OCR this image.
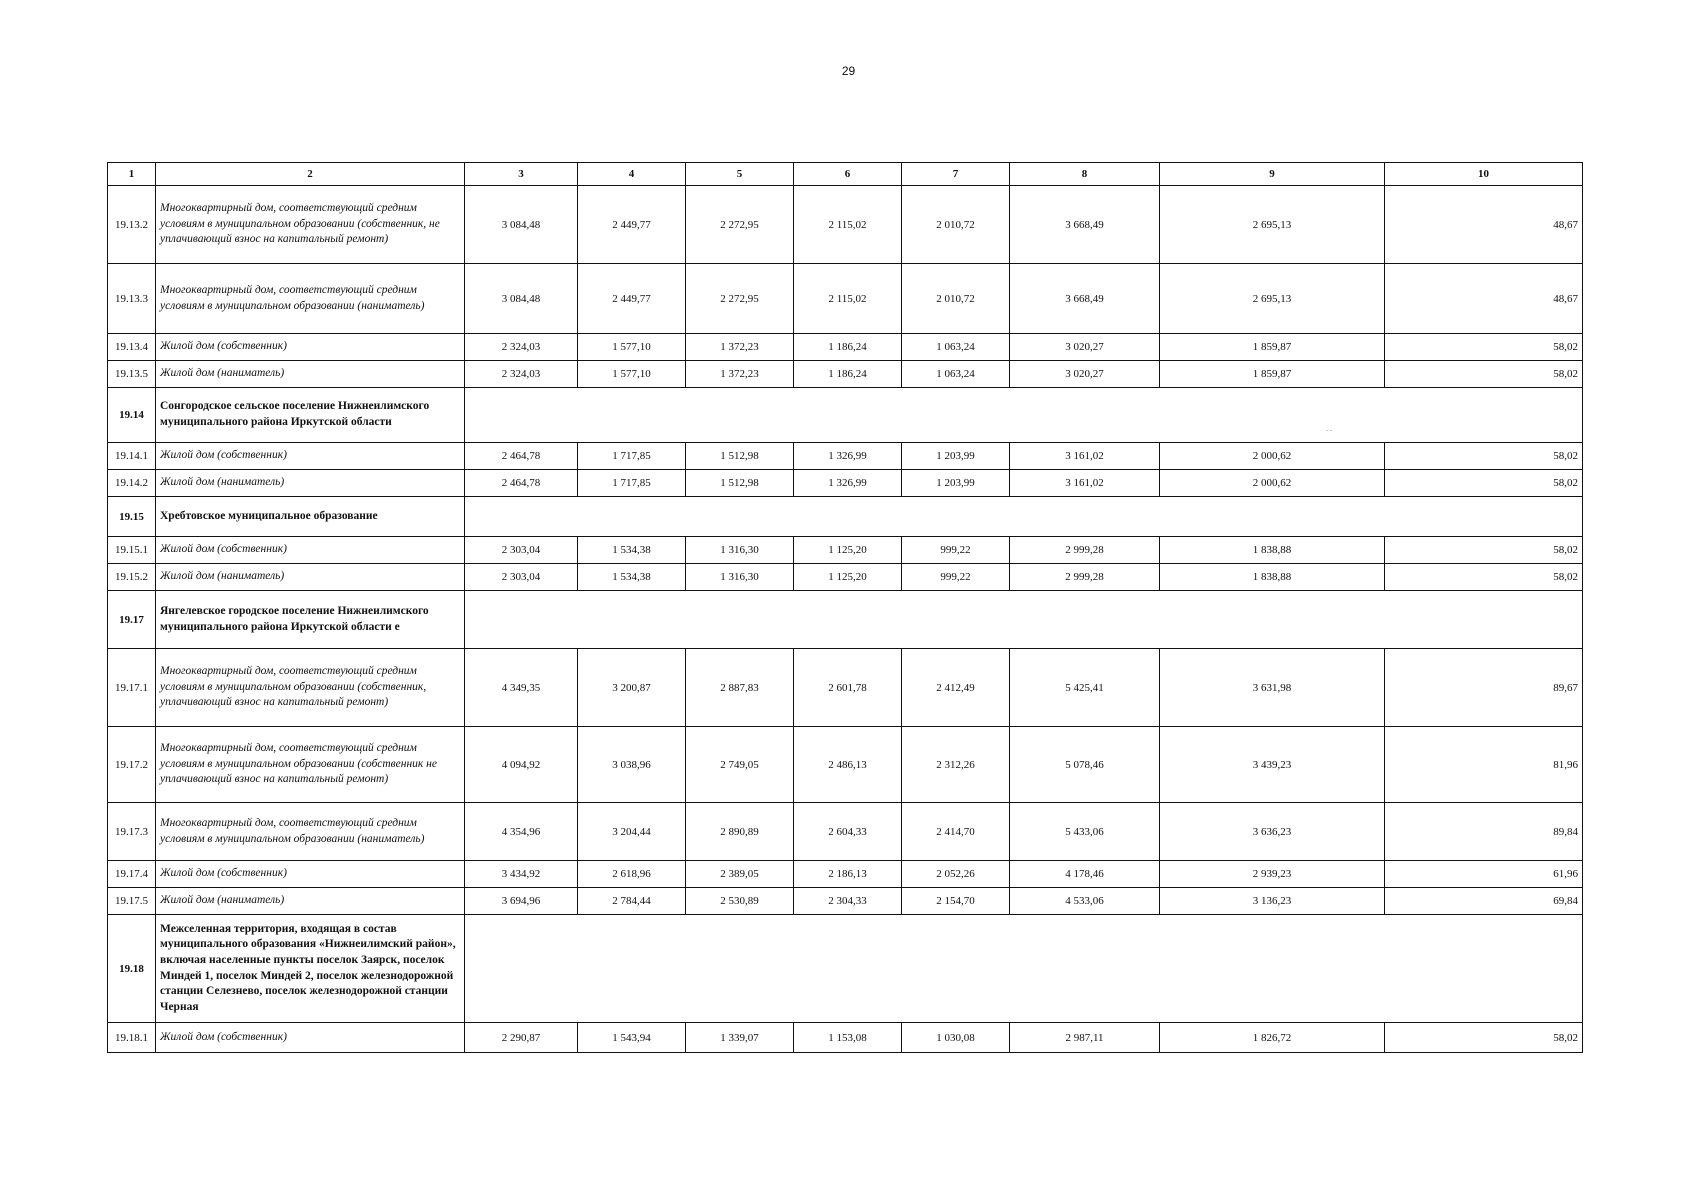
29
. .
1	2	3	4	5	6	7	8	9	10
19.13.2	Многоквартирный дом, соответствующий средним условиям в муниципальном образовании (собственник, не уплачивающий взнос на капитальный ремонт)	3 084,48	2 449,77	2 272,95	2 115,02	2 010,72	3 668,49	2 695,13	48,67
19.13.3	Многоквартирный дом, соответствующий средним условиям в муниципальном образовании (наниматель)	3 084,48	2 449,77	2 272,95	2 115,02	2 010,72	3 668,49	2 695,13	48,67
19.13.4	Жилой дом (собственник)	2 324,03	1 577,10	1 372,23	1 186,24	1 063,24	3 020,27	1 859,87	58,02
19.13.5	Жилой дом (наниматель)	2 324,03	1 577,10	1 372,23	1 186,24	1 063,24	3 020,27	1 859,87	58,02
19.14	Сонгородское сельское поселение Нижнеилимского муниципального района Иркутской области								
19.14.1	Жилой дом (собственник)	2 464,78	1 717,85	1 512,98	1 326,99	1 203,99	3 161,02	2 000,62	58,02
19.14.2	Жилой дом (наниматель)	2 464,78	1 717,85	1 512,98	1 326,99	1 203,99	3 161,02	2 000,62	58,02
19.15	Хребтовское муниципальное образование								
19.15.1	Жилой дом (собственник)	2 303,04	1 534,38	1 316,30	1 125,20	999,22	2 999,28	1 838,88	58,02
19.15.2	Жилой дом (наниматель)	2 303,04	1 534,38	1 316,30	1 125,20	999,22	2 999,28	1 838,88	58,02
19.17	Янгелевское городское поселение Нижнеилимского муниципального района Иркутской области е								
19.17.1	Многоквартирный дом, соответствующий средним условиям в муниципальном образовании (собственник, уплачивающий взнос на капитальный ремонт)	4 349,35	3 200,87	2 887,83	2 601,78	2 412,49	5 425,41	3 631,98	89,67
19.17.2	Многоквартирный дом, соответствующий средним условиям в муниципальном образовании (собственник не уплачивающий взнос на капитальный ремонт)	4 094,92	3 038,96	2 749,05	2 486,13	2 312,26	5 078,46	3 439,23	81,96
19.17.3	Многоквартирный дом, соответствующий средним условиям в муниципальном образовании (наниматель)	4 354,96	3 204,44	2 890,89	2 604,33	2 414,70	5 433,06	3 636,23	89,84
19.17.4	Жилой дом (собственник)	3 434,92	2 618,96	2 389,05	2 186,13	2 052,26	4 178,46	2 939,23	61,96
19.17.5	Жилой дом (наниматель)	3 694,96	2 784,44	2 530,89	2 304,33	2 154,70	4 533,06	3 136,23	69,84
19.18	Межселенная территория, входящая в состав муниципального образования «Нижнеилимский район», включая населенные пункты поселок Заярск, поселок Миндей 1, поселок Миндей 2, поселок железнодорожной станции Селезнево, поселок железнодорожной станции Черная								
19.18.1	Жилой дом (собственник)	2 290,87	1 543,94	1 339,07	1 153,08	1 030,08	2 987,11	1 826,72	58,02
